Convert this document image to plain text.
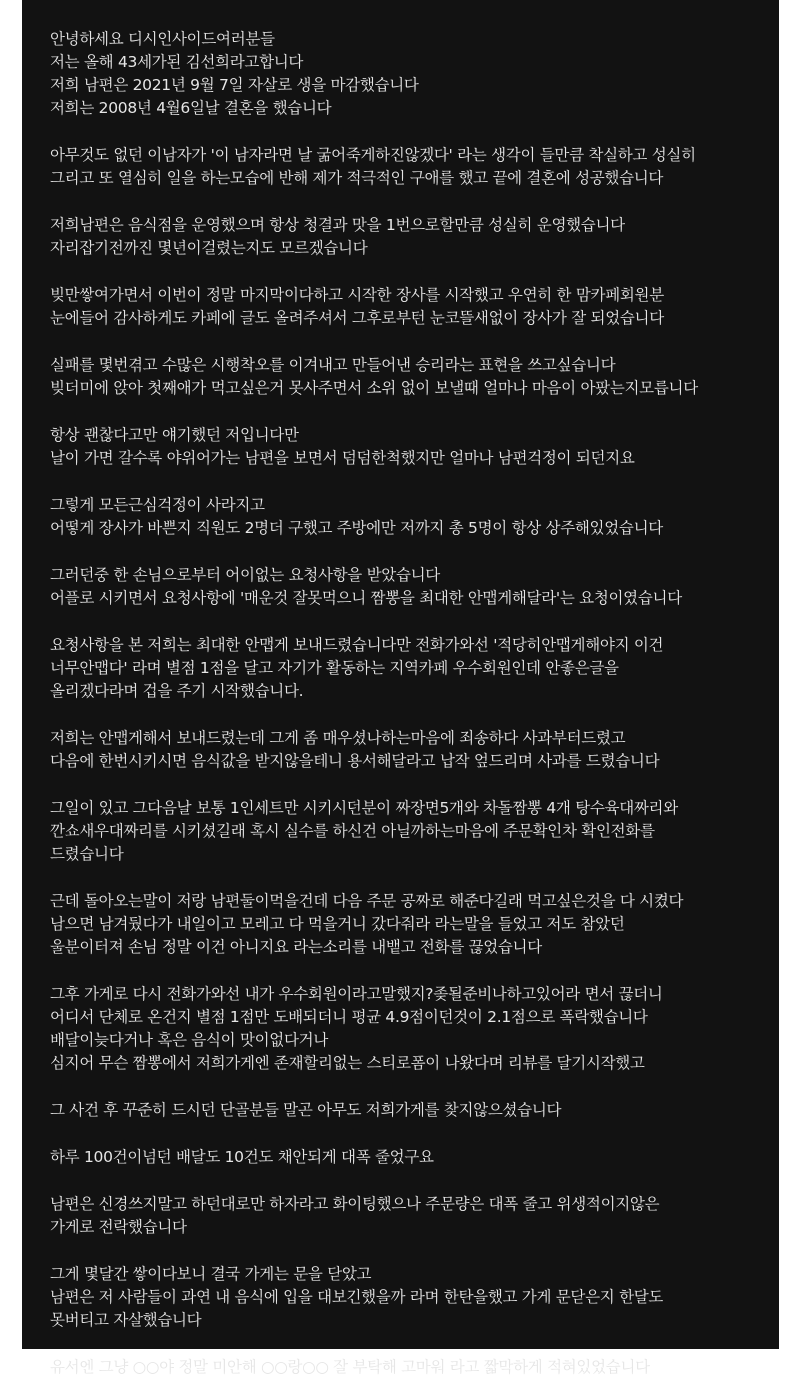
안녕하세요 디시인사이드여러분들
저는 올해 43세가된 김선희라고합니다
저희 남편은 2021년 9월 7일 자살로 생을 마감했습니다
저희는 2008년 4월6일날 결혼을 했습니다
아무것도 없던 이남자가 '이 남자라면 날 굶어죽게하진않겠다' 라는 생각이 들만큼 착실하고 성실히
그리고 또 열심히 일을 하는모습에 반해 제가 적극적인 구애를 했고 끝에 결혼에 성공했습니다
저희남편은 음식점을 운영했으며 항상 청결과 맛을 1번으로할만큼 성실히 운영했습니다
자리잡기전까진 몇년이걸렸는지도 모르겠습니다
빚만쌓여가면서 이번이 정말 마지막이다하고 시작한 장사를 시작했고 우연히 한 맘카페회원분
눈에들어 감사하게도 카페에 글도 올려주셔서 그후로부턴 눈코뜰새없이 장사가 잘 되었습니다
실패를 몇번겪고 수많은 시행착오를 이겨내고 만들어낸 승리라는 표현을 쓰고싶습니다
빚더미에 앉아 첫째애가 먹고싶은거 못사주면서 소위 없이 보낼때 얼마나 마음이 아팠는지모릅니다
항상 괜찮다고만 얘기했던 저입니다만
날이 가면 갈수록 야위어가는 남편을 보면서 덤덤한척했지만 얼마나 남편걱정이 되던지요
그렇게 모든근심걱정이 사라지고
어떻게 장사가 바쁜지 직원도 2명더 구했고 주방에만 저까지 총 5명이 항상 상주해있었습니다
그러던중 한 손님으로부터 어이없는 요청사항을 받았습니다
어플로 시키면서 요청사항에 '매운것 잘못먹으니 짬뽕을 최대한 안맵게해달라'는 요청이였습니다
요청사항을 본 저희는 최대한 안맵게 보내드렸습니다만 전화가와선 '적당히안맵게해야지 이건
너무안맵다' 라며 별점 1점을 달고 자기가 활동하는 지역카페 우수회원인데 안좋은글을
올리겠다라며 겁을 주기 시작했습니다.
저희는 안맵게해서 보내드렸는데 그게 좀 매우셨나하는마음에 죄송하다 사과부터드렸고
다음에 한번시키시면 음식값을 받지않을테니 용서해달라고 납작 엎드리며 사과를 드렸습니다
그일이 있고 그다음날 보통 1인세트만 시키시던분이 짜장면5개와 차돌짬뽕 4개 탕수육대짜리와
깐쇼새우대짜리를 시키셨길래 혹시 실수를 하신건 아닐까하는마음에 주문확인차 확인전화를
드렸습니다
근데 돌아오는말이 저랑 남편둘이먹을건데 다음 주문 공짜로 해준다길래 먹고싶은것을 다 시켰다
남으면 남겨뒀다가 내일이고 모레고 다 먹을거니 갔다줘라 라는말을 들었고 저도 참았던
울분이터져 손님 정말 이건 아니지요 라는소리를 내뱉고 전화를 끊었습니다
그후 가게로 다시 전화가와선 내가 우수회원이라고말했지?좆될준비나하고있어라 면서 끊더니
어디서 단체로 온건지 별점 1점만 도배되더니 평균 4.9점이던것이 2.1점으로 폭락했습니다
배달이늦다거나 혹은 음식이 맛이없다거나
심지어 무슨 짬뽕에서 저희가게엔 존재할리없는 스티로폼이 나왔다며 리뷰를 달기시작했고
그 사건 후 꾸준히 드시던 단골분들 말곤 아무도 저희가게를 찾지않으셨습니다
하루 100건이넘던 배달도 10건도 채안되게 대폭 줄었구요
남편은 신경쓰지말고 하던대로만 하자라고 화이팅했으나 주문량은 대폭 줄고 위생적이지않은
가게로 전락했습니다
그게 몇달간 쌓이다보니 결국 가게는 문을 닫았고
남편은 저 사람들이 과연 내 음식에 입을 대보긴했을까 라며 한탄을했고 가게 문닫은지 한달도
못버티고 자살했습니다
유서엔 그냥 ○○야 정말 미안해 ○○랑○○ 잘 부탁해 고마워 라고 짧막하게 적혀있었습니다
